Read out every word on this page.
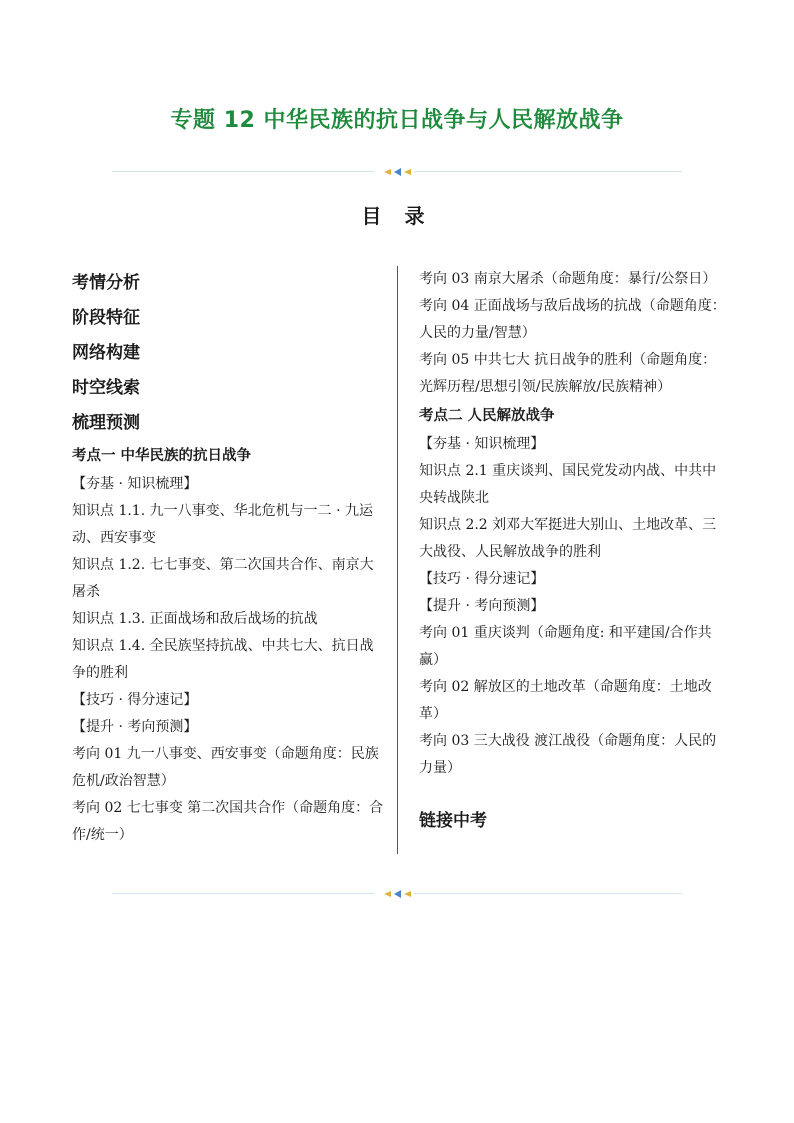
专题 12 中华民族的抗日战争与人民解放战争
目 录
考情分析
阶段特征
网络构建
时空线索
梳理预测
考点一 中华民族的抗日战争
【夯基 · 知识梳理】
知识点 1.1. 九一八事变、华北危机与一二 · 九运动、西安事变
知识点 1.2. 七七事变、第二次国共合作、南京大屠杀
知识点 1.3. 正面战场和敌后战场的抗战
知识点 1.4. 全民族坚持抗战、中共七大、抗日战争的胜利
【技巧 · 得分速记】
【提升 · 考向预测】
考向 01 九一八事变、西安事变（命题角度：民族危机/政治智慧）
考向 02 七七事变 第二次国共合作（命题角度：合作/统一）
考向 03 南京大屠杀（命题角度：暴行/公祭日）
考向 04 正面战场与敌后战场的抗战（命题角度：人民的力量/智慧）
考向 05 中共七大 抗日战争的胜利（命题角度：光辉历程/思想引领/民族解放/民族精神）
考点二 人民解放战争
【夯基 · 知识梳理】
知识点 2.1 重庆谈判、国民党发动内战、中共中央转战陕北
知识点 2.2 刘邓大军挺进大别山、土地改革、三大战役、人民解放战争的胜利
【技巧 · 得分速记】
【提升 · 考向预测】
考向 01 重庆谈判（命题角度: 和平建国/合作共赢）
考向 02 解放区的土地改革（命题角度：土地改革）
考向 03 三大战役 渡江战役（命题角度：人民的力量）
链接中考
